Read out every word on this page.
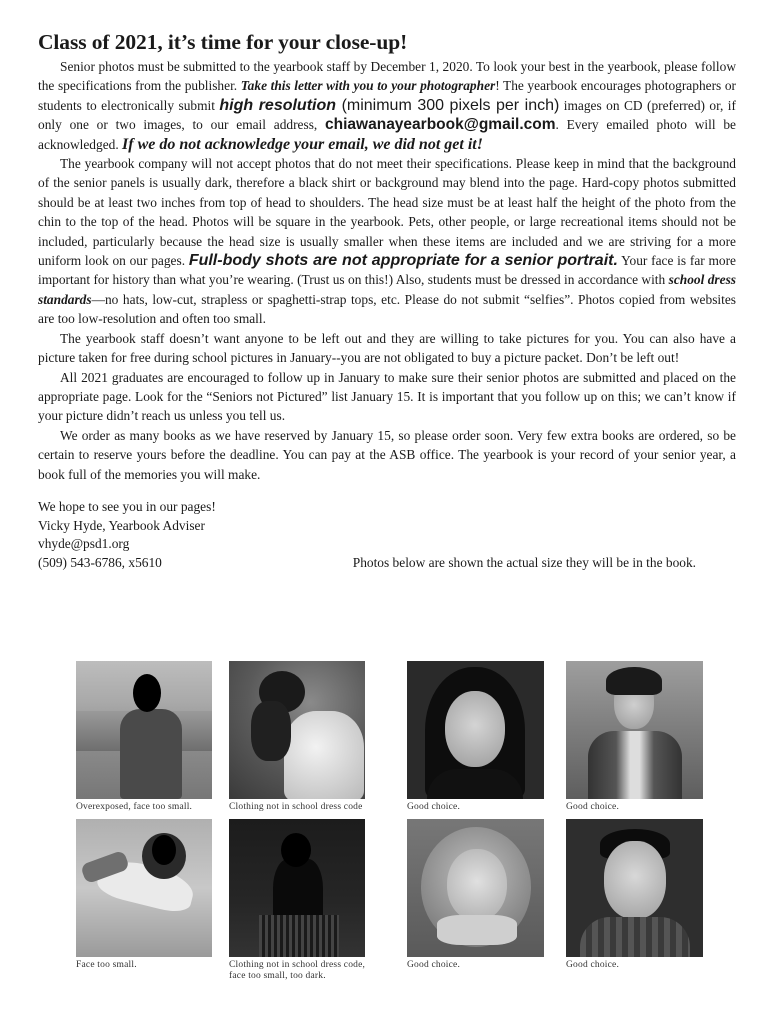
Class of 2021, it’s time for your close-up!

Senior photos must be submitted to the yearbook staff by December 1, 2020. To look your best in the yearbook, please follow the specifications from the publisher. Take this letter with you to your photographer! The yearbook encourages photographers or students to electronically submit high resolution (minimum 300 pixels per inch) images on CD (preferred) or, if only one or two images, to our email address, chiawanayearbook@gmail.com. Every emailed photo will be acknowledged. If we do not acknowledge your email, we did not get it!

The yearbook company will not accept photos that do not meet their specifications. Please keep in mind that the background of the senior panels is usually dark, therefore a black shirt or background may blend into the page. Hard-copy photos submitted should be at least two inches from top of head to shoulders. The head size must be at least half the height of the photo from the chin to the top of the head. Photos will be square in the yearbook. Pets, other people, or large recreational items should not be included, particularly because the head size is usually smaller when these items are included and we are striving for a more uniform look on our pages. Full-body shots are not appropriate for a senior portrait. Your face is far more important for history than what you’re wearing. (Trust us on this!) Also, students must be dressed in accordance with school dress standards—no hats, low-cut, strapless or spaghetti-strap tops, etc. Please do not submit “selfies”. Photos copied from websites are too low-resolution and often too small.

The yearbook staff doesn’t want anyone to be left out and they are willing to take pictures for you. You can also have a picture taken for free during school pictures in January--you are not obligated to buy a picture packet. Don’t be left out!

All 2021 graduates are encouraged to follow up in January to make sure their senior photos are submitted and placed on the appropriate page. Look for the “Seniors not Pictured” list January 15. It is important that you follow up on this; we can’t know if your picture didn’t reach us unless you tell us.

We order as many books as we have reserved by January 15, so please order soon. Very few extra books are ordered, so be certain to reserve yours before the deadline. You can pay at the ASB office. The yearbook is your record of your senior year, a book full of the memories you will make.

We hope to see you in our pages!
Vicky Hyde, Yearbook Adviser
vhyde@psd1.org
(509) 543-6786, x5610	Photos below are shown the actual size they will be in the book.
Overexposed, face too small.	Clothing not in school dress code	Good choice.	Good choice.
Face too small.	Clothing not in school dress code, face too small, too dark.
Good choice.	Good choice.
